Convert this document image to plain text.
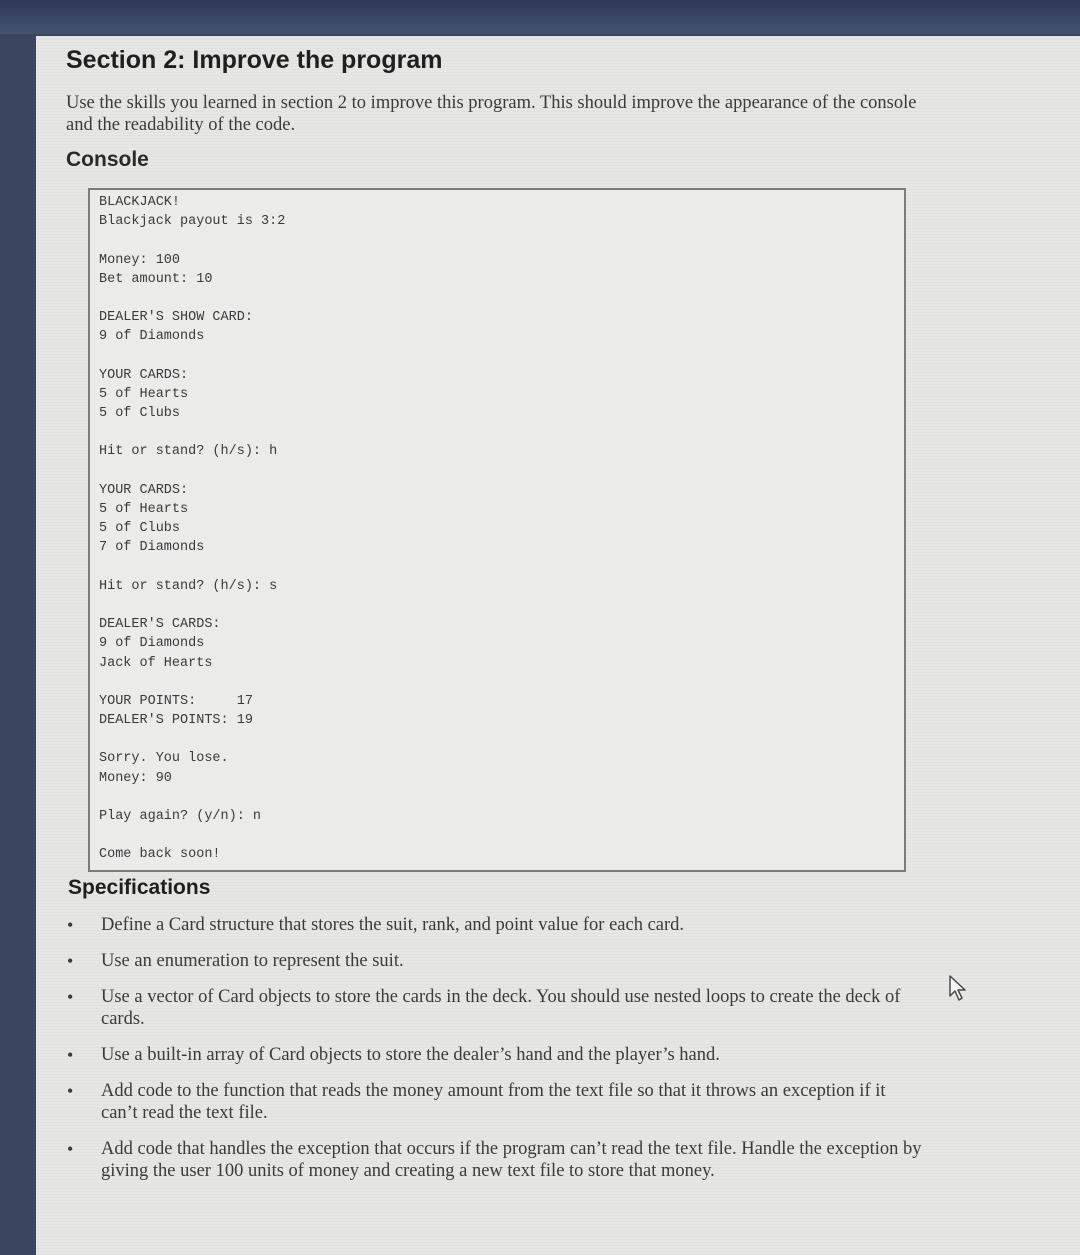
Section 2: Improve the program

Use the skills you learned in section 2 to improve this program. This should improve the appearance of the console and the readability of the code.

Console
BLACKJACK!
Blackjack payout is 3:2
Money: 100
Bet amount: 10
DEALER'S SHOW CARD:
9 of Diamonds
YOUR CARDS:
5 of Hearts
5 of Clubs
Hit or stand? (h/s): h
YOUR CARDS:
5 of Hearts
5 of Clubs
7 of Diamonds
Hit or stand? (h/s): s
DEALER'S CARDS:
9 of Diamonds
Jack of Hearts
YOUR POINTS:     17
DEALER'S POINTS: 19
Sorry. You lose.
Money: 90
Play again? (y/n): n
Come back soon!
Specifications
• Define a Card structure that stores the suit, rank, and point value for each card.
• Use an enumeration to represent the suit.
• Use a vector of Card objects to store the cards in the deck. You should use nested loops to create the deck of cards.
• Use a built-in array of Card objects to store the dealer’s hand and the player’s hand.
• Add code to the function that reads the money amount from the text file so that it throws an exception if it can’t read the text file.
• Add code that handles the exception that occurs if the program can’t read the text file. Handle the exception by giving the user 100 units of money and creating a new text file to store that money.
